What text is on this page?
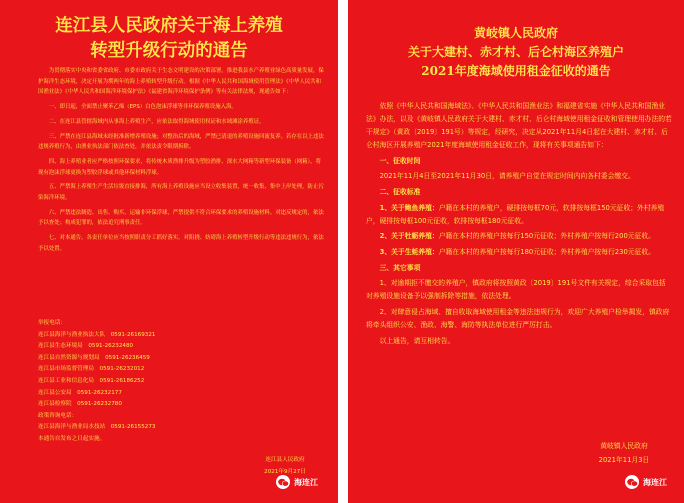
连江县人民政府关于海上养殖
转型升级行动的通告

为贯彻落实中央和省委省政府、市委市政府关于生态文明建设的决策部署，推进我县水产养殖业绿色高质量发展，保护海洋生态环境，决定开展为期两年的海上养殖转型升级行动。根据《中华人民共和国海域使用管理法》《中华人民共和国渔业法》《中华人民共和国海洋环境保护法》《福建省海洋环境保护条例》等有关法律法规，现通告如下：

一、即日起，全面禁止聚苯乙烯（EPS）白色泡沫浮球等非环保养殖设施入海。

二、在连江县管辖海域内从事海上养殖生产，应依法取得海域使用权证和水域滩涂养殖证。

三、严禁在连江县海域未经批准新增养殖设施；对整治后的海域，严禁已清退的养殖设施回流复养。若存在以上违法违规养殖行为，由渔业执法部门依法查处，并依法责令限期拆除。

四、海上养殖业者应严格按照环保要求，将传统木质渔排升级为塑胶渔排、深水大网箱等新型环保装备（网箱），将现有泡沫浮球更换为塑胶浮球或其他环保材料浮球。

五、严禁海上养殖生产生活垃圾直接排海，所有海上养殖设施应当设立收集装置，统一收集、集中上岸处理，防止污染海洋环境。

六、严禁违法制造、出售、购买、运输非环保浮球，严禁提供不符合环保要求的养殖设施材料。对违反规定的，依法予以查处；构成犯罪的，依法追究刑事责任。

七、对本通告，各责任单位应当按照职责分工抓好落实。对阻挠、妨碍海上养殖转型升级行动等违法违规行为，依法予以处置。

举报电话：
连江县海洋与渔业执法大队　0591-26169321
连江县生态环境局　0591-26232480
连江县自然资源与规划局　0591-26236459
连江县市场监督管理局　0591-26232012
连江县工业和信息化局　0591-26186252
连江县公安局　0591-26232177
连江县检察院　0591-26232780
政策咨询电话：
连江县海洋与渔业局水技站　0591-26155273
本通告自发布之日起实施。
连江县人民政府
2021年9月27日
黄岐镇人民政府
关于大建村、赤才村、后仑村海区养殖户
2021年度海域使用租金征收的通告

依照《中华人民共和国海域法》、《中华人民共和国渔业法》和福建省实施《中华人民共和国渔业法》办法，以及《黄岐镇人民政府关于大建村、赤才村、后仑村海域使用租金征收和管理使用办法的若干规定》（黄政〔2019〕191号）等规定，经研究，决定从2021年11月4日起在大建村、赤才村、后仑村海区开展养殖户2021年度海域使用租金征收工作，现将有关事项通告如下：

一、征收时间

2021年11月4日至2021年11月30日，请养殖户自觉在规定时间内向各村委会缴交。

二、征收标准

1、关于鲍鱼养殖：户籍在本村的养殖户，硬排按每框70元，软排按每框150元征收；外村养殖户，硬排按每框100元征收，软排按每框180元征收。

2、关于牡蛎养殖：户籍在本村的养殖户按每行150元征收；外村养殖户按每行200元征收。

3、关于生蚝养殖：户籍在本村的养殖户按每行180元征收；外村养殖户按每行230元征收。

三、其它事项

1、对逾期拒不缴交的养殖户，镇政府将按照黄政〔2019〕191号文件有关规定，综合采取包括对养殖设施设备予以强制拆除等措施，依法处理。

2、对肆意侵占海域、擅自收取海域使用租金等违法违规行为，欢迎广大养殖户检举揭发，镇政府将牵头组织公安、渔政、海警、海防等执法单位进行严厉打击。

以上通告，请互相转告。

黄岐镇人民政府
2021年11月3日
海连江	海连江
